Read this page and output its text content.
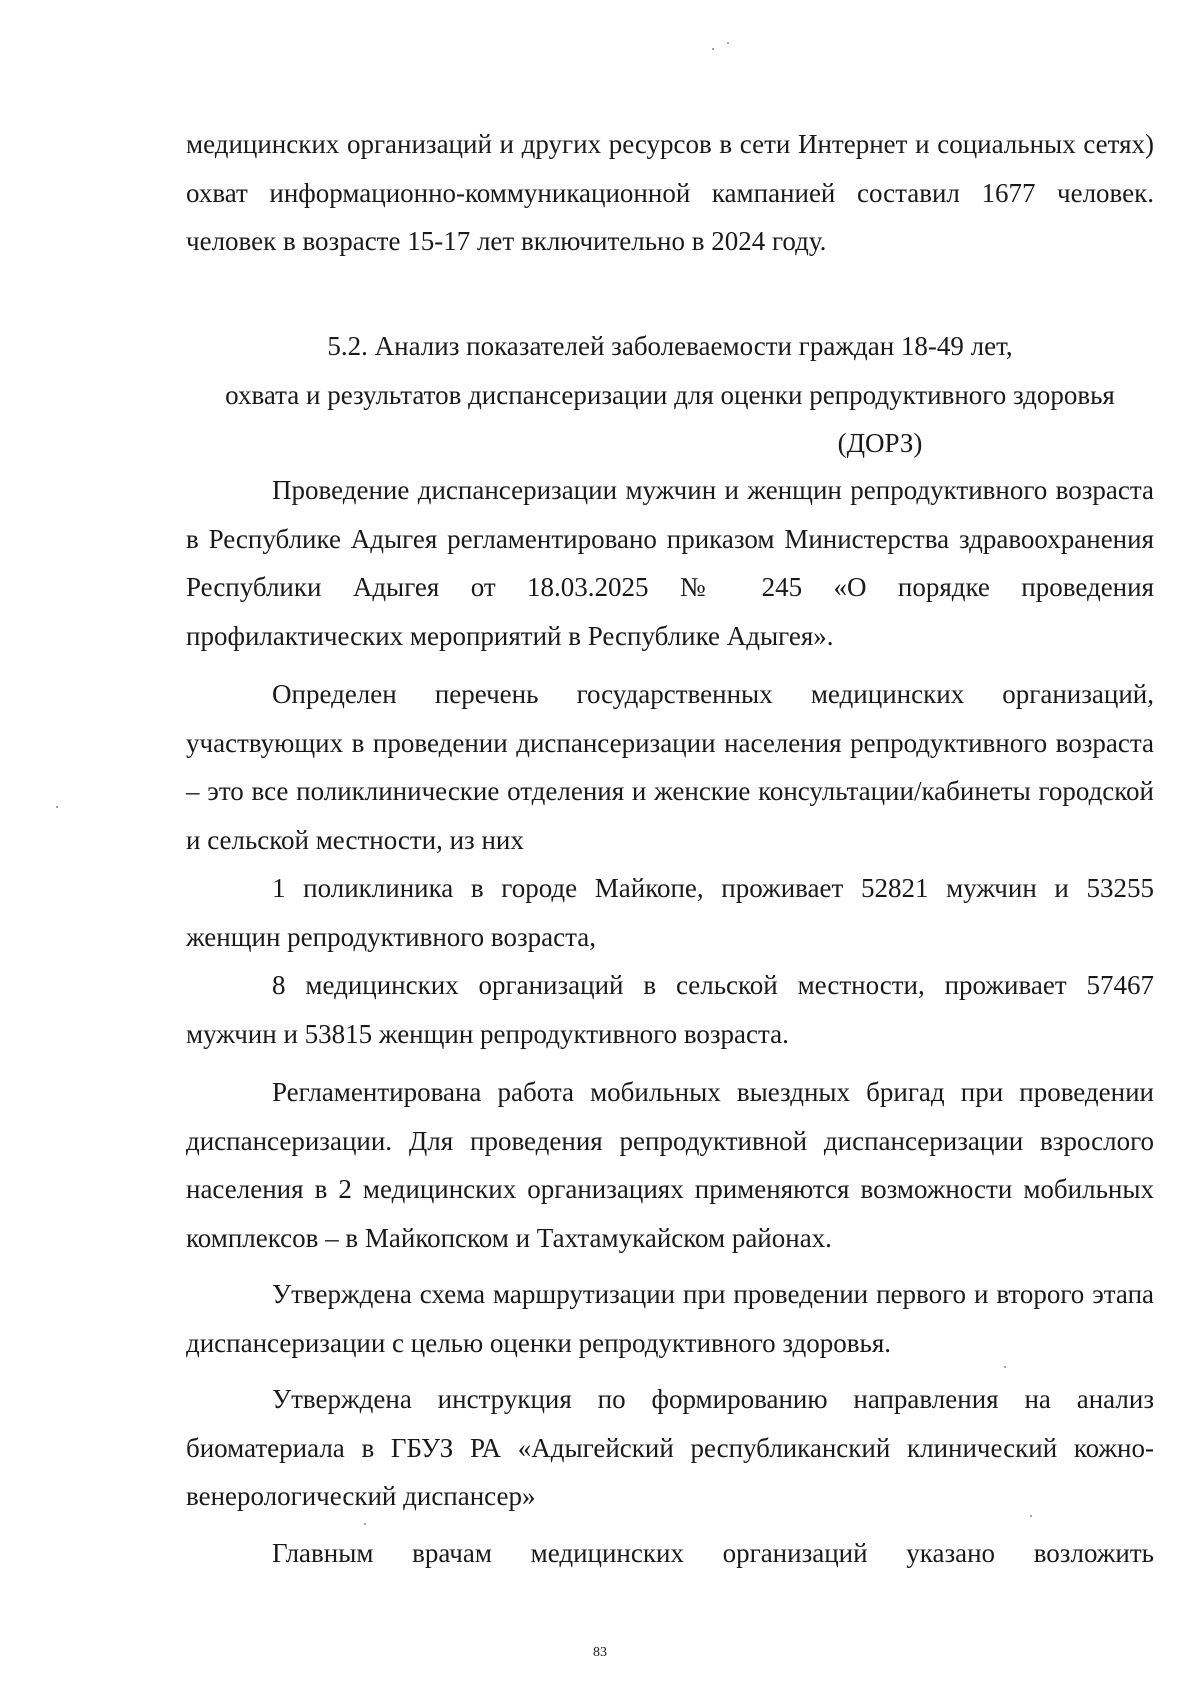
медицинских организаций и других ресурсов в сети Интернет и социальных сетях) охват информационно-коммуникационной кампанией составил 1677 человек. человек в возрасте 15-17 лет включительно в 2024 году.

5.2. Анализ показателей заболеваемости граждан 18-49 лет,
охвата и результатов диспансеризации для оценки репродуктивного здоровья
(ДОРЗ)

Проведение диспансеризации мужчин и женщин репродуктивного возраста в Республике Адыгея регламентировано приказом Министерства здравоохранения Республики Адыгея от 18.03.2025 № 245 «О порядке проведения профилактических мероприятий в Республике Адыгея».

Определен перечень государственных медицинских организаций, участвующих в проведении диспансеризации населения репродуктивного возраста – это все поликлинические отделения и женские консультации/кабинеты городской и сельской местности, из них

1 поликлиника в городе Майкопе, проживает 52821 мужчин и 53255 женщин репродуктивного возраста,

8 медицинских организаций в сельской местности, проживает 57467 мужчин и 53815 женщин репродуктивного возраста.

Регламентирована работа мобильных выездных бригад при проведении диспансеризации. Для проведения репродуктивной диспансеризации взрослого населения в 2 медицинских организациях применяются возможности мобильных комплексов – в Майкопском и Тахтамукайском районах.

Утверждена схема маршрутизации при проведении первого и второго этапа диспансеризации с целью оценки репродуктивного здоровья.

Утверждена инструкция по формированию направления на анализ биоматериала в ГБУЗ РА «Адыгейский республиканский клинический кожно-венерологический диспансер»

Главным врачам медицинских организаций указано возложить

83
